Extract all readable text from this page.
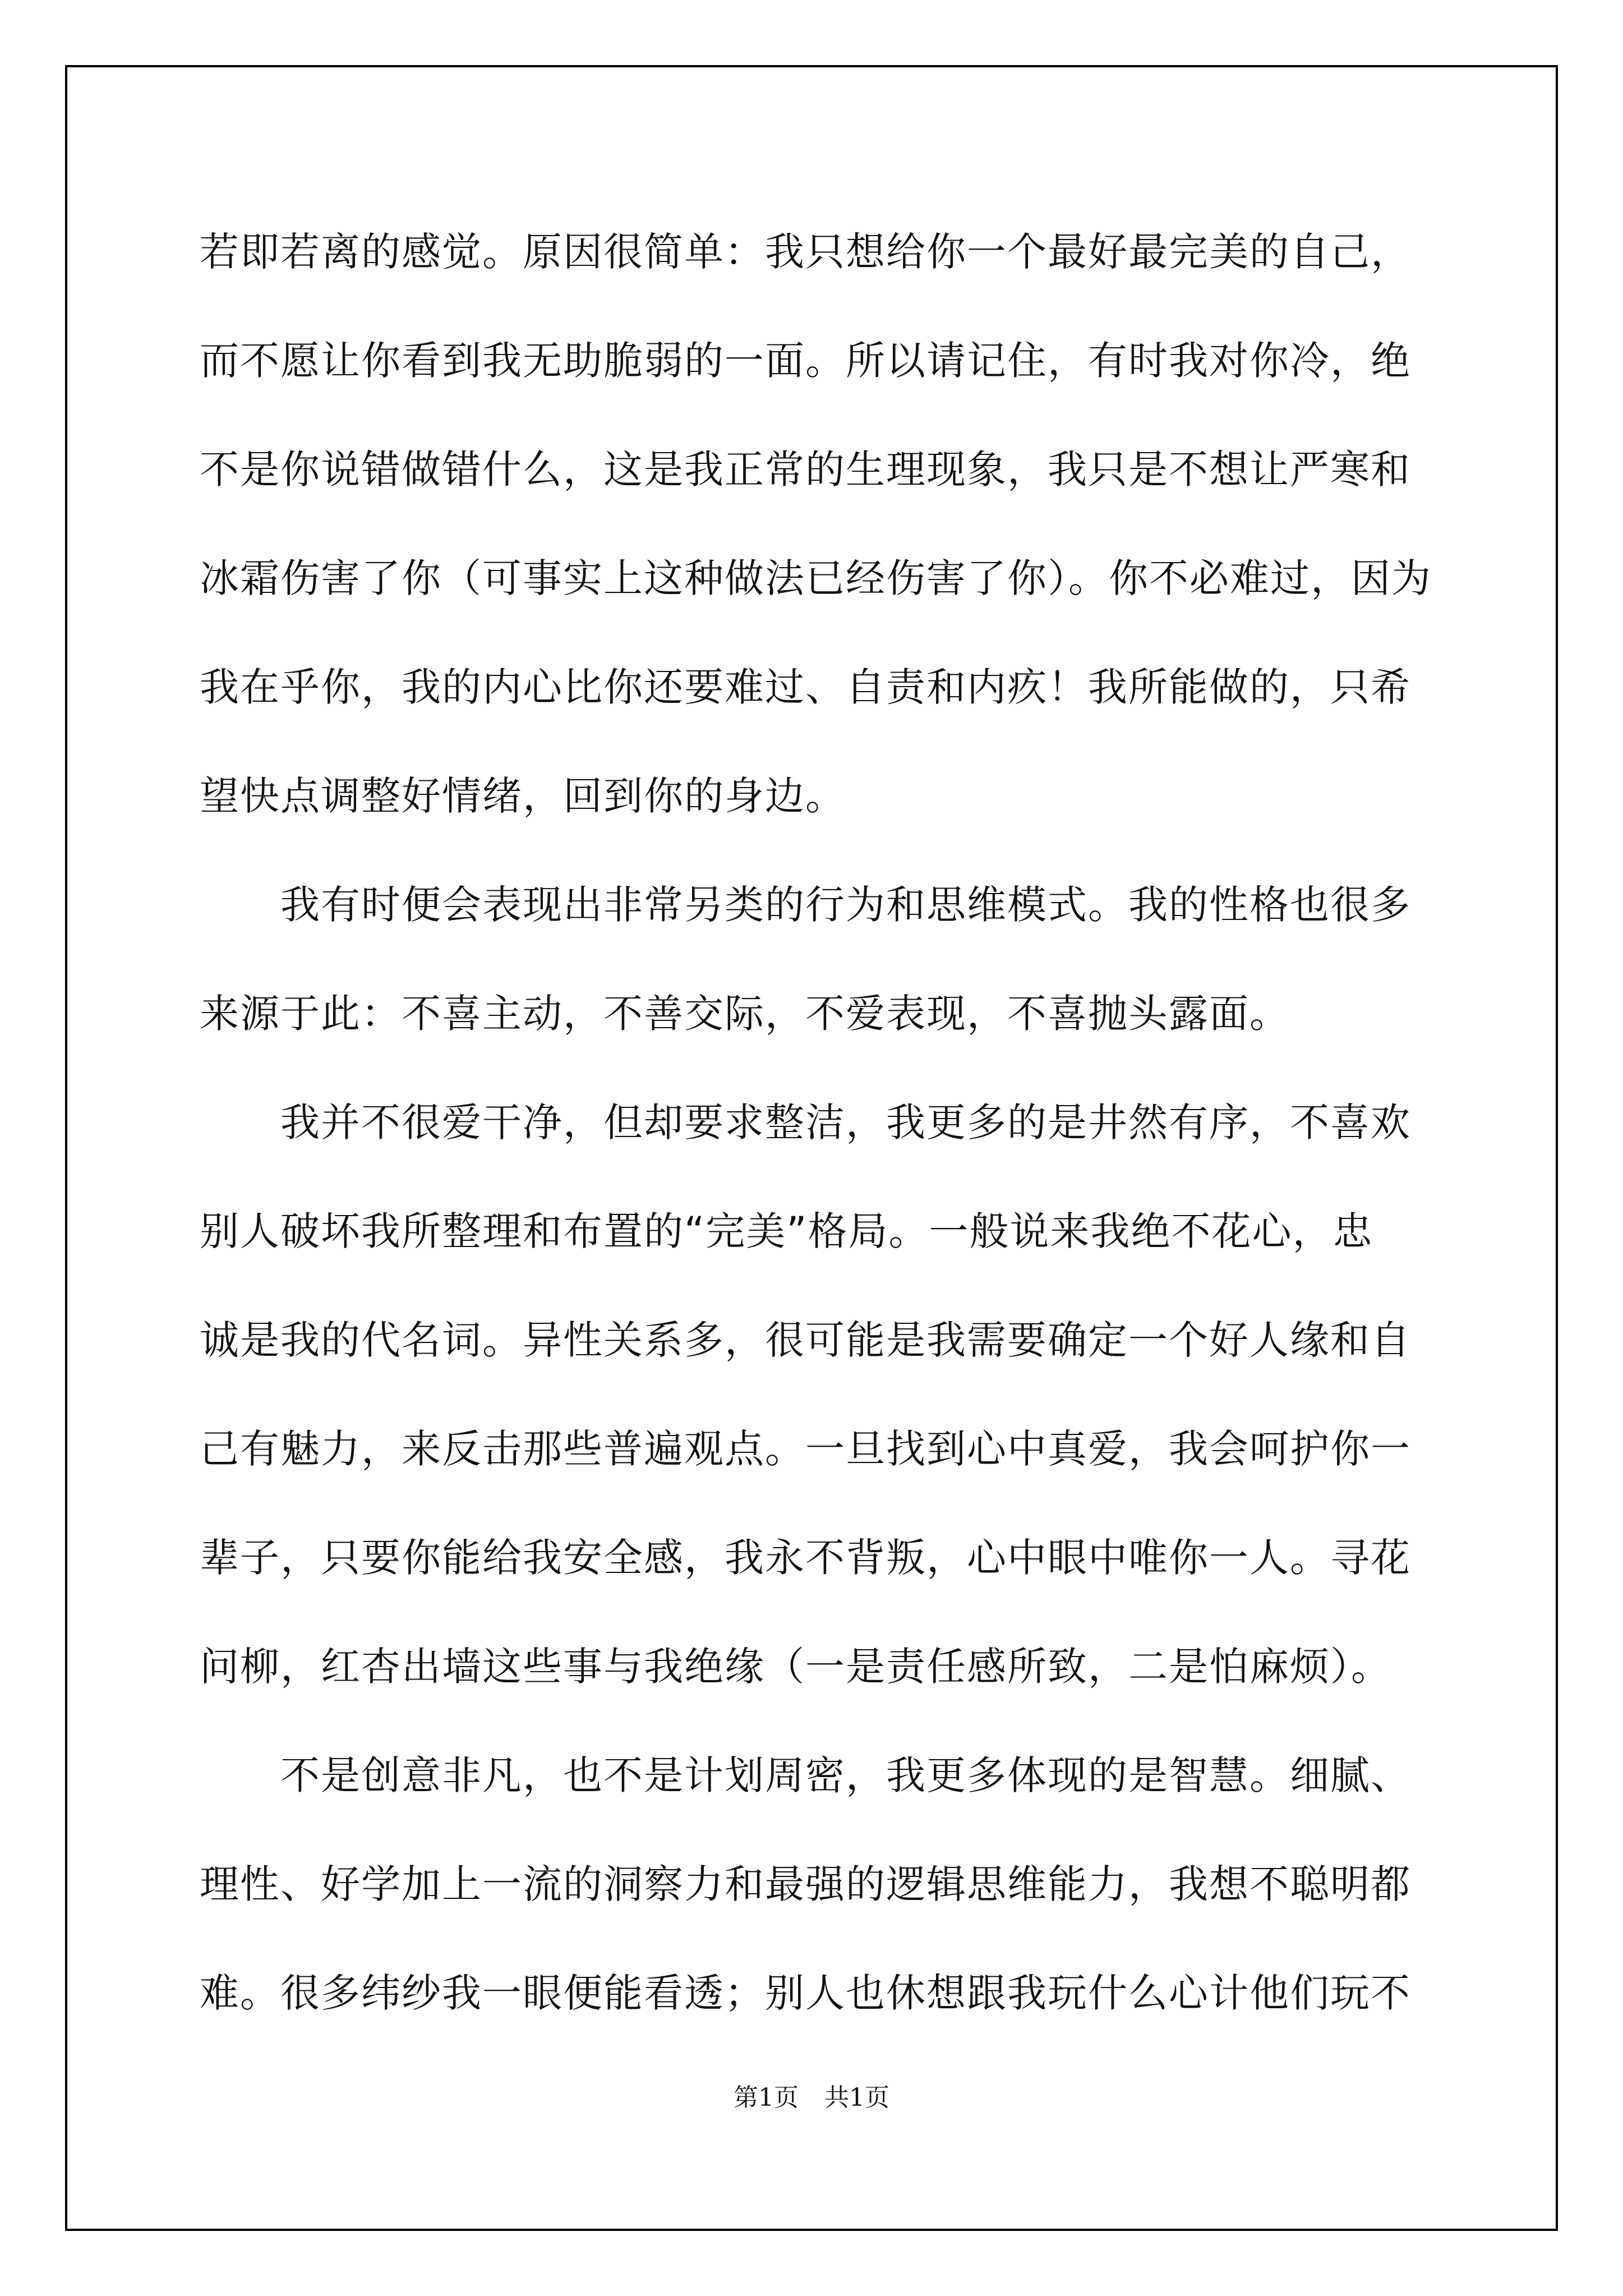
若即若离的感觉。原因很简单：我只想给你一个最好最完美的自己，

而不愿让你看到我无助脆弱的一面。所以请记住，有时我对你冷，绝

不是你说错做错什么，这是我正常的生理现象，我只是不想让严寒和

冰霜伤害了你（可事实上这种做法已经伤害了你）。你不必难过，因为

我在乎你，我的内心比你还要难过、自责和内疚！我所能做的，只希

望快点调整好情绪，回到你的身边。

我有时便会表现出非常另类的行为和思维模式。我的性格也很多

来源于此：不喜主动，不善交际，不爱表现，不喜抛头露面。

我并不很爱干净，但却要求整洁，我更多的是井然有序，不喜欢

别人破坏我所整理和布置的“完美”格局。一般说来我绝不花心，忠

诚是我的代名词。异性关系多，很可能是我需要确定一个好人缘和自

己有魅力，来反击那些普遍观点。一旦找到心中真爱，我会呵护你一

辈子，只要你能给我安全感，我永不背叛，心中眼中唯你一人。寻花

问柳，红杏出墙这些事与我绝缘（一是责任感所致，二是怕麻烦）。

不是创意非凡，也不是计划周密，我更多体现的是智慧。细腻、

理性、好学加上一流的洞察力和最强的逻辑思维能力，我想不聪明都

难。很多纬纱我一眼便能看透；别人也休想跟我玩什么心计他们玩不

第1页 共1页
